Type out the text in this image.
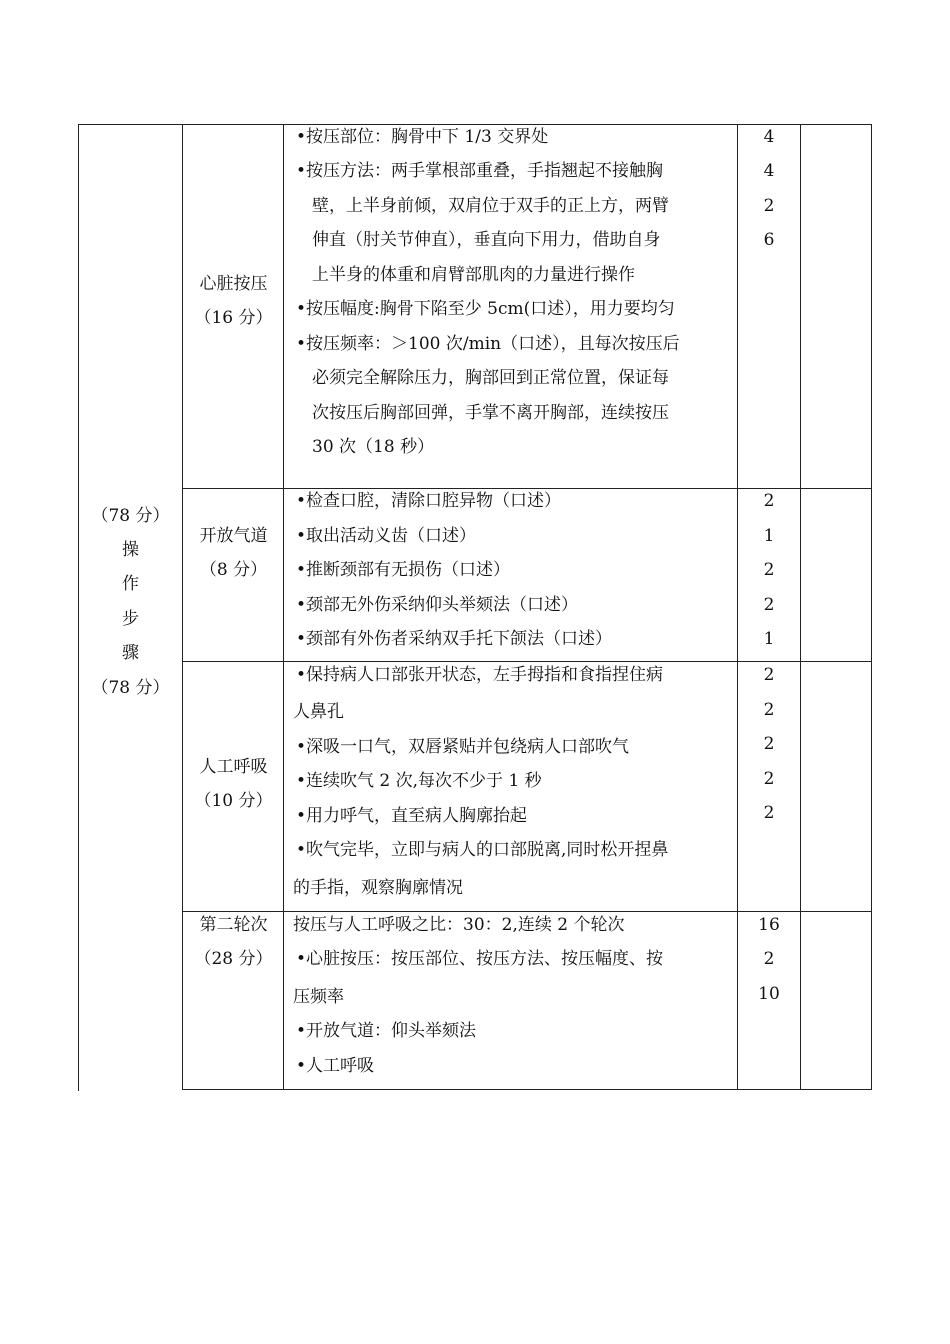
（78 分）
操
作
步
骤
（78 分）
心脏按压
（16 分）
•按压部位：胸骨中下 1/3 交界处
•按压方法：两手掌根部重叠，手指翘起不接触胸
壁，上半身前倾，双肩位于双手的正上方，两臂
伸直（肘关节伸直），垂直向下用力，借助自身
上半身的体重和肩臂部肌肉的力量进行操作
•按压幅度:胸骨下陷至少 5cm(口述），用力要均匀
•按压频率：＞100 次/min（口述），且每次按压后
必须完全解除压力，胸部回到正常位置，保证每
次按压后胸部回弹，手掌不离开胸部，连续按压
30 次（18 秒）
4
4
2
6
开放气道
（8 分）
•检查口腔，清除口腔异物（口述）
•取出活动义齿（口述）
•推断颈部有无损伤（口述）
•颈部无外伤采纳仰头举颏法（口述）
•颈部有外伤者采纳双手托下颌法（口述）
2
1
2
2
1
人工呼吸
（10 分）
•保持病人口部张开状态，左手拇指和食指捏住病
人鼻孔
•深吸一口气，双唇紧贴并包绕病人口部吹气
•连续吹气 2 次,每次不少于 1 秒
•用力呼气，直至病人胸廓抬起
•吹气完毕，立即与病人的口部脱离,同时松开捏鼻
的手指，观察胸廓情况
2
2
2
2
2
第二轮次
（28 分）
按压与人工呼吸之比：30：2,连续 2 个轮次
•心脏按压：按压部位、按压方法、按压幅度、按
压频率
•开放气道：仰头举颏法
•人工呼吸
16
2
10
